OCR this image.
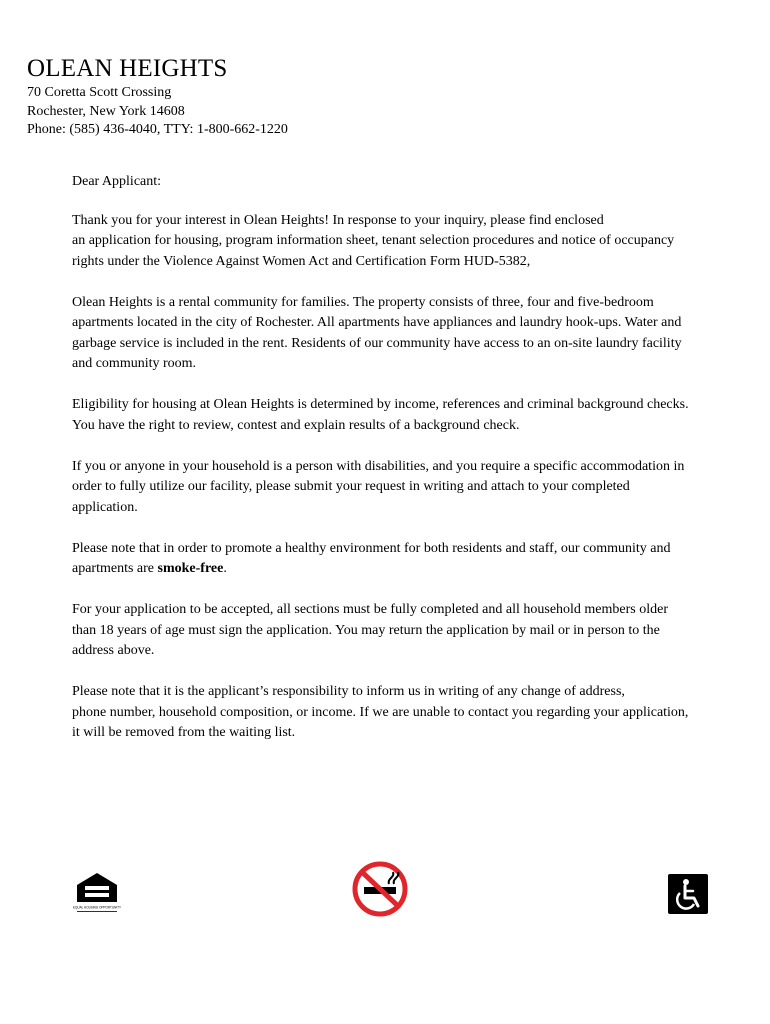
OLEAN HEIGHTS

70 Coretta Scott Crossing

Rochester, New York 14608

Phone: (585) 436-4040, TTY: 1-800-662-1220

Dear Applicant:

Thank you for your interest in Olean Heights! In response to your inquiry, please find enclosed
an application for housing, program information sheet, tenant selection procedures and notice of occupancy
rights under the Violence Against Women Act and Certification Form HUD-5382,

Olean Heights is a rental community for families. The property consists of three, four and five-bedroom
apartments located in the city of Rochester. All apartments have appliances and laundry hook-ups. Water and
garbage service is included in the rent. Residents of our community have access to an on-site laundry facility
and community room.

Eligibility for housing at Olean Heights is determined by income, references and criminal background checks.
You have the right to review, contest and explain results of a background check.

If you or anyone in your household is a person with disabilities, and you require a specific accommodation in
order to fully utilize our facility, please submit your request in writing and attach to your completed
application.

Please note that in order to promote a healthy environment for both residents and staff, our community and
apartments are smoke-free.

For your application to be accepted, all sections must be fully completed and all household members older
than 18 years of age must sign the application. You may return the application by mail or in person to the
address above.

Please note that it is the applicant’s responsibility to inform us in writing of any change of address,
phone number, household composition, or income. If we are unable to contact you regarding your application,
it will be removed from the waiting list.

EQUAL HOUSING OPPORTUNITY
